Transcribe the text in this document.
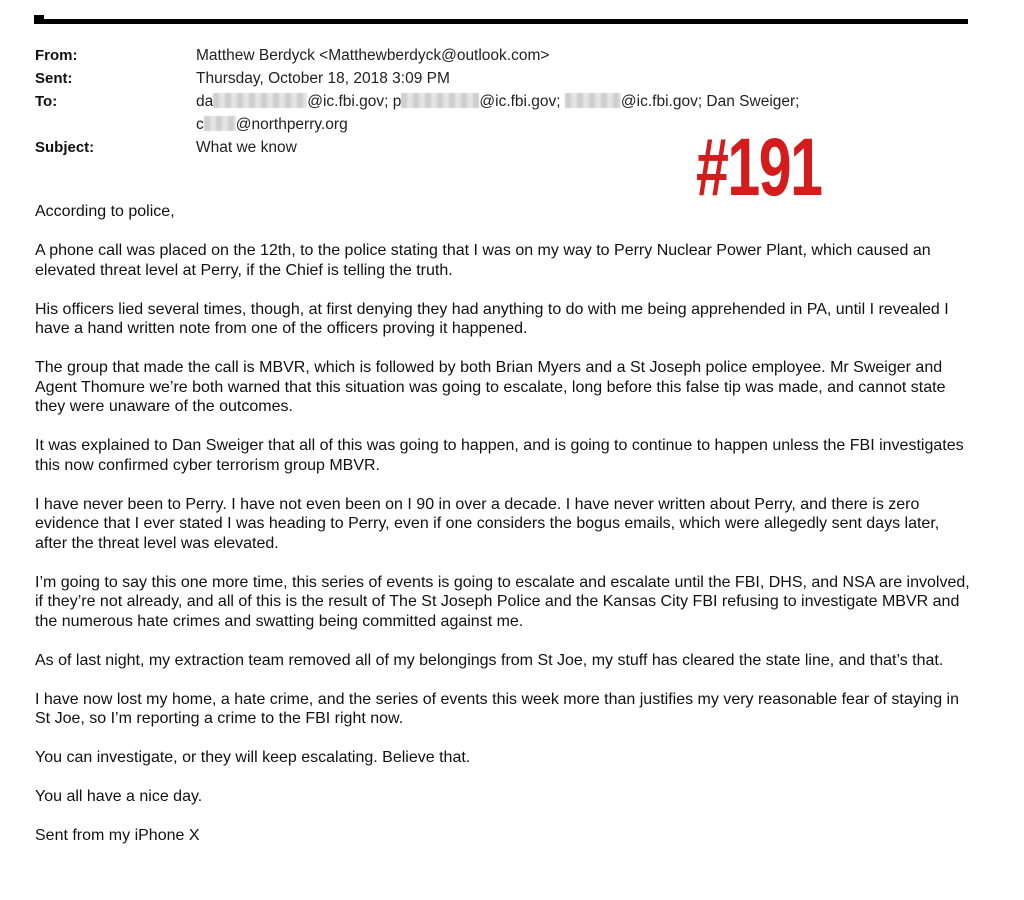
From:	Matthew Berdyck <Matthewberdyck@outlook.com>
Sent:	Thursday, October 18, 2018 3:09 PM
To:	da	@ic.fbi.gov; p	@ic.fbi.gov;	@ic.fbi.gov; Dan Sweiger;
c @northperry.org
Subject:	What we know	#191

According to police,

A phone call was placed on the 12th, to the police stating that I was on my way to Perry Nuclear Power Plant, which caused an elevated threat level at Perry, if the Chief is telling the truth.

His officers lied several times, though, at first denying they had anything to do with me being apprehended in PA, until I revealed I have a hand written note from one of the officers proving it happened.

The group that made the call is MBVR, which is followed by both Brian Myers and a St Joseph police employee. Mr Sweiger and Agent Thomure we’re both warned that this situation was going to escalate, long before this false tip was made, and cannot state they were unaware of the outcomes.

It was explained to Dan Sweiger that all of this was going to happen, and is going to continue to happen unless the FBI investigates this now confirmed cyber terrorism group MBVR.

I have never been to Perry. I have not even been on I 90 in over a decade. I have never written about Perry, and there is zero evidence that I ever stated I was heading to Perry, even if one considers the bogus emails, which were allegedly sent days later, after the threat level was elevated.

I’m going to say this one more time, this series of events is going to escalate and escalate until the FBI, DHS, and NSA are involved, if they’re not already, and all of this is the result of The St Joseph Police and the Kansas City FBI refusing to investigate MBVR and the numerous hate crimes and swatting being committed against me.

As of last night, my extraction team removed all of my belongings from St Joe, my stuff has cleared the state line, and that’s that.

I have now lost my home, a hate crime, and the series of events this week more than justifies my very reasonable fear of staying in St Joe, so I’m reporting a crime to the FBI right now.

You can investigate, or they will keep escalating. Believe that.

You all have a nice day.

Sent from my iPhone X
